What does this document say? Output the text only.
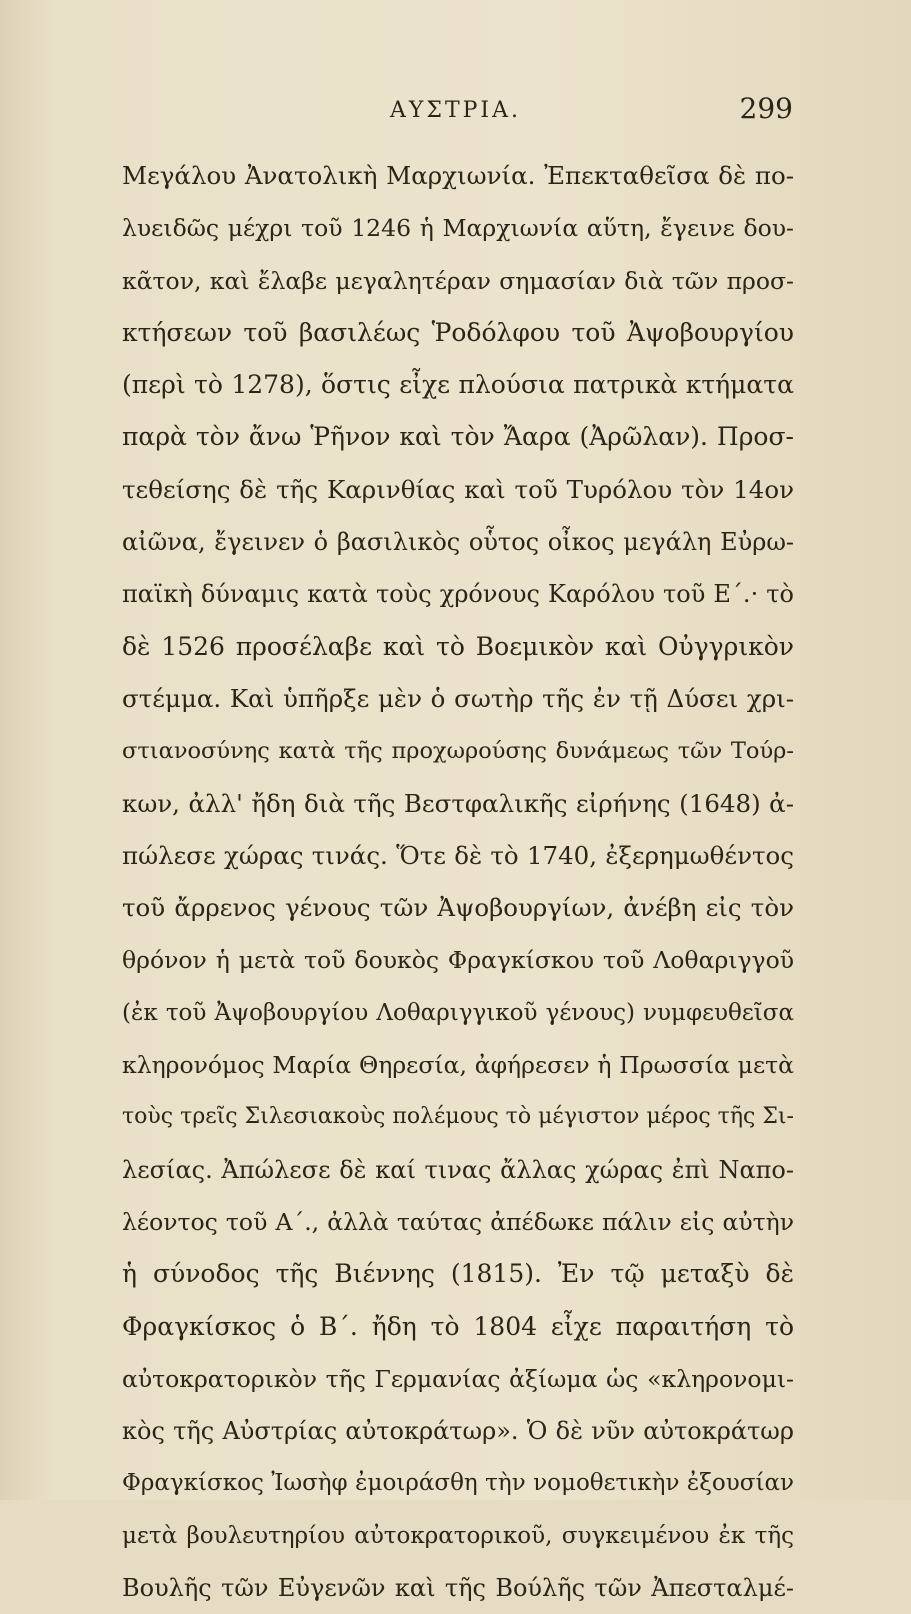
ΑΥΣΤΡΙΑ.	299
Μεγάλου Ἀνατολικὴ Μαρχιωνία. Ἐπεκταθεῖσα δὲ πο-
λυειδῶς μέχρι τοῦ 1246 ἡ Μαρχιωνία αὕτη, ἔγεινε δου-
κᾶτον, καὶ ἔλαβε μεγαλητέραν σημασίαν διὰ τῶν προσ-
κτήσεων τοῦ βασιλέως Ῥοδόλφου τοῦ Ἀψοβουργίου
(περὶ τὸ 1278), ὅστις εἶχε πλούσια πατρικὰ κτήματα
παρὰ τὸν ἄνω Ῥῆνον καὶ τὸν Ἄαρα (Ἀρῶλαν). Προσ-
τεθείσης δὲ τῆς Καρινθίας καὶ τοῦ Τυρόλου τὸν 14ον
αἰῶνα, ἔγεινεν ὁ βασιλικὸς οὗτος οἶκος μεγάλη Εὐρω-
παϊκὴ δύναμις κατὰ τοὺς χρόνους Καρόλου τοῦ Ε΄.· τὸ
δὲ 1526 προσέλαβε καὶ τὸ Βοεμικὸν καὶ Οὐγγρικὸν
στέμμα. Καὶ ὑπῆρξε μὲν ὁ σωτὴρ τῆς ἐν τῇ Δύσει χρι-
στιανοσύνης κατὰ τῆς προχωρούσης δυνάμεως τῶν Τούρ-
κων, ἀλλ' ἤδη διὰ τῆς Βεστφαλικῆς εἰρήνης (1648) ἀ-
πώλεσε χώρας τινάς. Ὅτε δὲ τὸ 1740, ἐξερημωθέντος
τοῦ ἄρρενος γένους τῶν Ἀψοβουργίων, ἀνέβη εἰς τὸν
θρόνον ἡ μετὰ τοῦ δουκὸς Φραγκίσκου τοῦ Λοθαριγγοῦ
(ἐκ τοῦ Ἀψοβουργίου Λοθαριγγικοῦ γένους) νυμφευθεῖσα
κληρονόμος Μαρία Θηρεσία, ἀφήρεσεν ἡ Πρωσσία μετὰ
τοὺς τρεῖς Σιλεσιακοὺς πολέμους τὸ μέγιστον μέρος τῆς Σι-
λεσίας. Ἀπώλεσε δὲ καί τινας ἄλλας χώρας ἐπὶ Ναπο-
λέοντος τοῦ Α΄., ἀλλὰ ταύτας ἀπέδωκε πάλιν εἰς αὐτὴν
ἡ σύνοδος τῆς Βιέννης (1815). Ἐν τῷ μεταξὺ δὲ
Φραγκίσκος ὁ Β΄. ἤδη τὸ 1804 εἶχε παραιτήση τὸ
αὐτοκρατορικὸν τῆς Γερμανίας ἀξίωμα ὡς «κληρονομι-
κὸς τῆς Αὐστρίας αὐτοκράτωρ». Ὁ δὲ νῦν αὐτοκράτωρ
Φραγκίσκος Ἰωσὴφ ἐμοιράσθη τὴν νομοθετικὴν ἐξουσίαν
μετὰ βουλευτηρίου αὐτοκρατορικοῦ, συγκειμένου ἐκ τῆς
Βουλῆς τῶν Εὐγενῶν καὶ τῆς Βούλῆς τῶν Ἀπεσταλμέ-
